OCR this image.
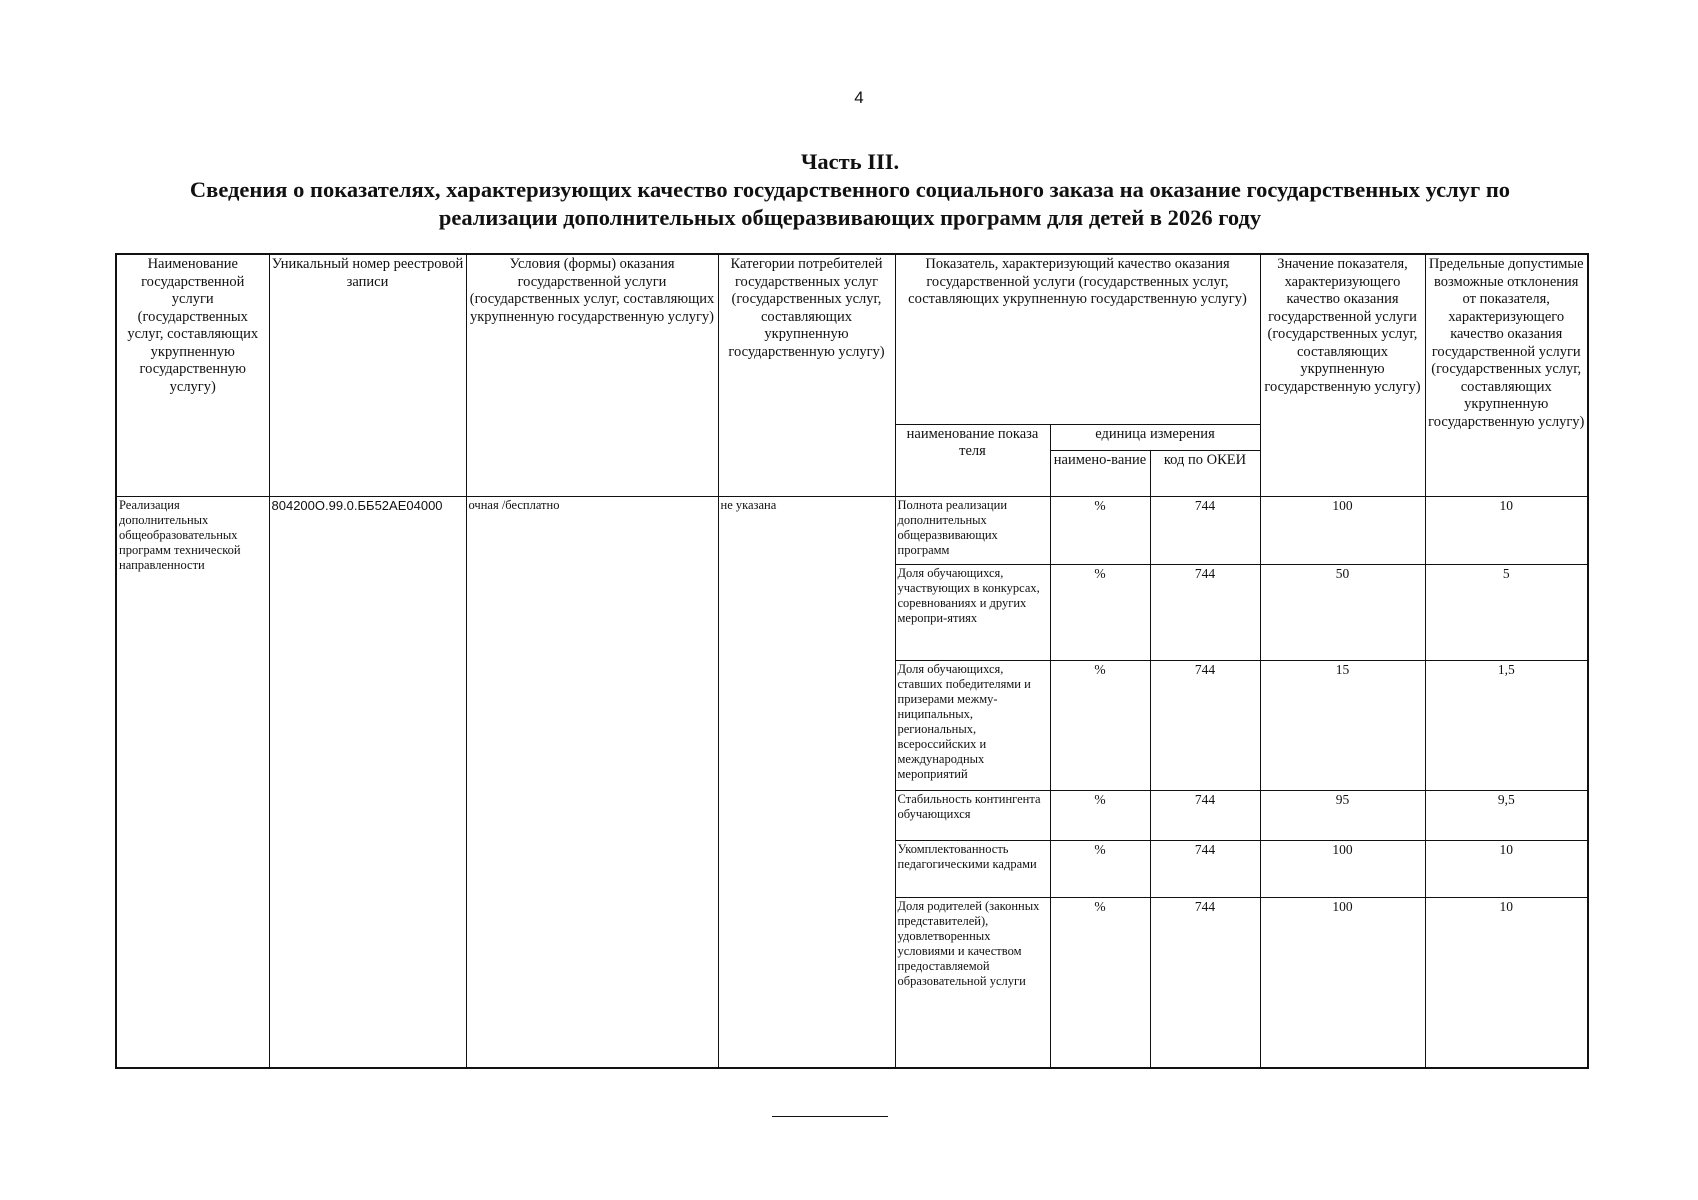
4
Часть III.
Сведения о показателях, характеризующих качество государственного социального заказа на оказание государственных услуг по
реализации дополнительных общеразвивающих программ для детей в 2026 году
Наименование государственной услуги (государственных услуг, составляющих укрупненную государственную услугу)	Уникальный номер реестровой записи	Условия (формы) оказания государственной услуги (государственных услуг, составляющих укрупненную государственную услугу)	Категории потребителей государственных услуг (государственных услуг, составляющих укрупненную государственную услугу)	Показатель, характеризующий качество оказания государственной услуги (государственных услуг, составляющих укрупненную государственную услугу)			Значение показателя, характеризующего качество оказания государственной услуги (государственных услуг, составляющих укрупненную государственную услугу)	Предельные допустимые возможные отклонения от показателя, характеризующего качество оказания государственной услуги (государственных услуг, составляющих укрупненную государственную услугу)
				наименование показа теля	единица измерения			
					наимено-вание	код по ОКЕИ		
Реализация дополнительных общеобразовательных программ технической направленности	804200О.99.0.ББ52АЕ04000	очная /бесплатно	не указана	Полнота реализации дополнительных общеразвивающих программ	%	744	100	10
				Доля обучающихся, участвующих в конкурсах, соревнованиях и других меропри-ятиях	%	744	50	5
				Доля обучающихся, ставших победителями и призерами межму-ниципальных, региональных, всероссийских и международных мероприятий	%	744	15	1,5
				Стабильность контингента обучающихся	%	744	95	9,5
				Укомплектованность педагогическими кадрами	%	744	100	10
				Доля родителей (законных представителей), удовлетворенных условиями и качеством предоставляемой образовательной услуги	%	744	100	10
